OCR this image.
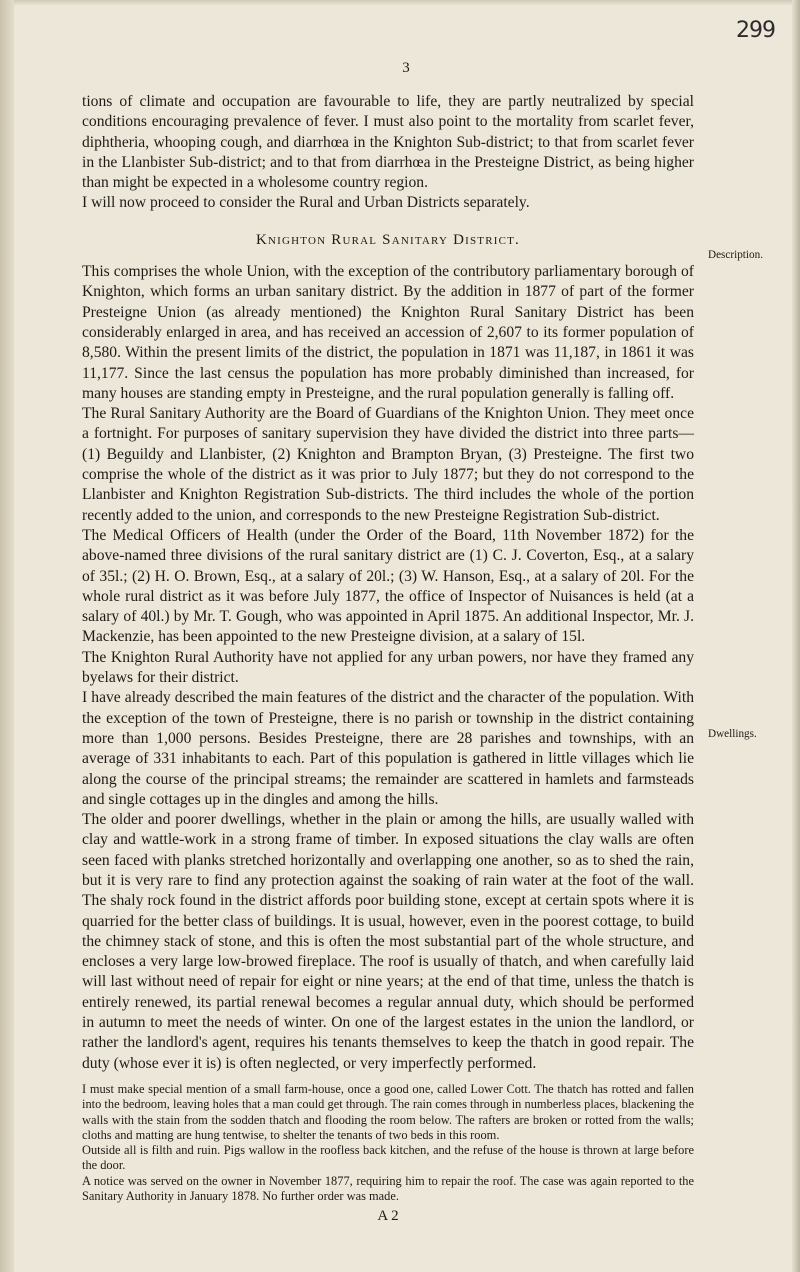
299
3

tions of climate and occupation are favourable to life, they are partly neutralized by special conditions encouraging prevalence of fever. I must also point to the mortality from scarlet fever, diphtheria, whooping cough, and diarrhœa in the Knighton Sub-district; to that from scarlet fever in the Llanbister Sub-district; and to that from diarrhœa in the Presteigne District, as being higher than might be expected in a wholesome country region.

I will now proceed to consider the Rural and Urban Districts separately.

Knighton Rural Sanitary District.

This comprises the whole Union, with the exception of the contributory parliamentary borough of Knighton, which forms an urban sanitary district. By the addition in 1877 of part of the former Presteigne Union (as already mentioned) the Knighton Rural Sanitary District has been considerably enlarged in area, and has received an accession of 2,607 to its former population of 8,580. Within the present limits of the district, the population in 1871 was 11,187, in 1861 it was 11,177. Since the last census the population has more probably diminished than increased, for many houses are standing empty in Presteigne, and the rural population generally is falling off.

The Rural Sanitary Authority are the Board of Guardians of the Knighton Union. They meet once a fortnight. For purposes of sanitary supervision they have divided the district into three parts—(1) Beguildy and Llanbister, (2) Knighton and Brampton Bryan, (3) Presteigne. The first two comprise the whole of the district as it was prior to July 1877; but they do not correspond to the Llanbister and Knighton Registration Sub-districts. The third includes the whole of the portion recently added to the union, and corresponds to the new Presteigne Registration Sub-district.

The Medical Officers of Health (under the Order of the Board, 11th November 1872) for the above-named three divisions of the rural sanitary district are (1) C. J. Coverton, Esq., at a salary of 35l.; (2) H. O. Brown, Esq., at a salary of 20l.; (3) W. Hanson, Esq., at a salary of 20l. For the whole rural district as it was before July 1877, the office of Inspector of Nuisances is held (at a salary of 40l.) by Mr. T. Gough, who was appointed in April 1875. An additional Inspector, Mr. J. Mackenzie, has been appointed to the new Presteigne division, at a salary of 15l.

The Knighton Rural Authority have not applied for any urban powers, nor have they framed any byelaws for their district.

I have already described the main features of the district and the character of the population. With the exception of the town of Presteigne, there is no parish or township in the district containing more than 1,000 persons. Besides Presteigne, there are 28 parishes and townships, with an average of 331 inhabitants to each. Part of this population is gathered in little villages which lie along the course of the principal streams; the remainder are scattered in hamlets and farmsteads and single cottages up in the dingles and among the hills.

The older and poorer dwellings, whether in the plain or among the hills, are usually walled with clay and wattle-work in a strong frame of timber. In exposed situations the clay walls are often seen faced with planks stretched horizontally and overlapping one another, so as to shed the rain, but it is very rare to find any protection against the soaking of rain water at the foot of the wall. The shaly rock found in the district affords poor building stone, except at certain spots where it is quarried for the better class of buildings. It is usual, however, even in the poorest cottage, to build the chimney stack of stone, and this is often the most substantial part of the whole structure, and encloses a very large low-browed fireplace. The roof is usually of thatch, and when carefully laid will last without need of repair for eight or nine years; at the end of that time, unless the thatch is entirely renewed, its partial renewal becomes a regular annual duty, which should be performed in autumn to meet the needs of winter. On one of the largest estates in the union the landlord, or rather the landlord's agent, requires his tenants themselves to keep the thatch in good repair. The duty (whose ever it is) is often neglected, or very imperfectly performed.

I must make special mention of a small farm-house, once a good one, called Lower Cott. The thatch has rotted and fallen into the bedroom, leaving holes that a man could get through. The rain comes through in numberless places, blackening the walls with the stain from the sodden thatch and flooding the room below. The rafters are broken or rotted from the walls; cloths and matting are hung tentwise, to shelter the tenants of two beds in this room.

Outside all is filth and ruin. Pigs wallow in the roofless back kitchen, and the refuse of the house is thrown at large before the door.

A notice was served on the owner in November 1877, requiring him to repair the roof. The case was again reported to the Sanitary Authority in January 1878. No further order was made.

A 2
Description.
Dwellings.
